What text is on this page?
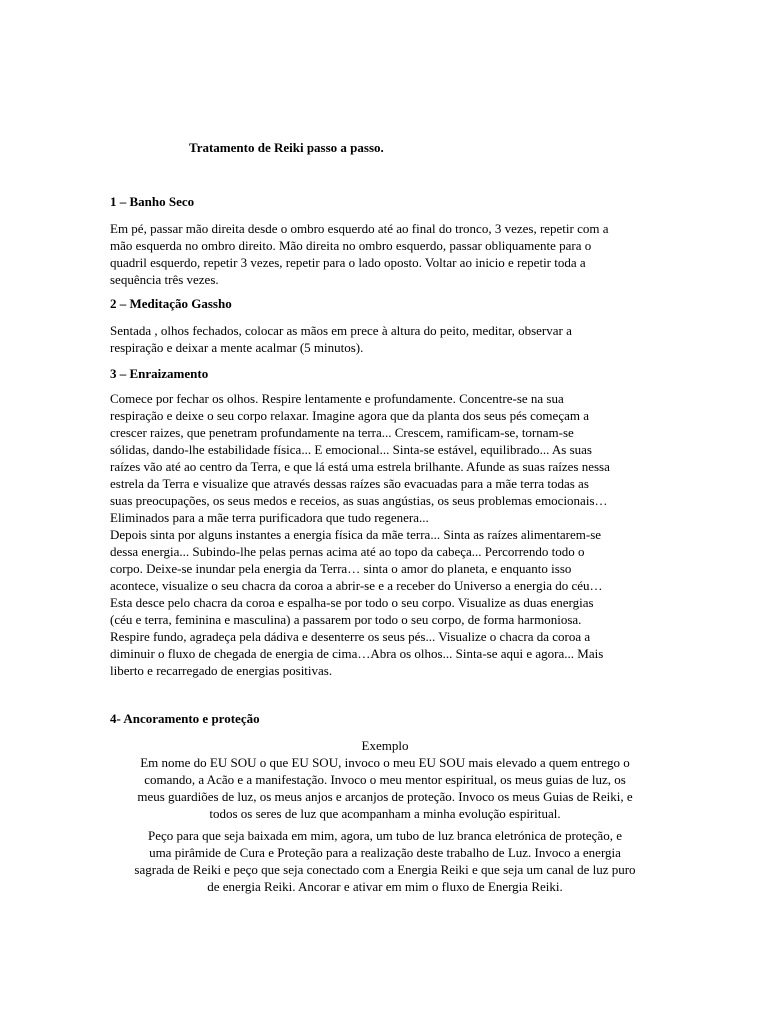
Tratamento de Reiki passo a passo.
1 – Banho Seco
Em pé, passar mão direita desde o ombro esquerdo até ao final do tronco, 3 vezes, repetir com a
mão esquerda no ombro direito. Mão direita no ombro esquerdo, passar obliquamente para o
quadril esquerdo, repetir 3 vezes, repetir para o lado oposto. Voltar ao inicio e repetir toda a
sequência três vezes.
2 – Meditação Gassho
Sentada , olhos fechados, colocar as mãos em prece à altura do peito, meditar, observar a
respiração e deixar a mente acalmar (5 minutos).
3 – Enraizamento
Comece por fechar os olhos. Respire lentamente e profundamente. Concentre-se na sua
respiração e deixe o seu corpo relaxar. Imagine agora que da planta dos seus pés começam a
crescer raizes, que penetram profundamente na terra... Crescem, ramificam-se, tornam-se
sólidas, dando-lhe estabilidade física... E emocional... Sinta-se estável, equilibrado... As suas
raízes vão até ao centro da Terra, e que lá está uma estrela brilhante. Afunde as suas raízes nessa
estrela da Terra e visualize que através dessas raízes são evacuadas para a mãe terra todas as
suas preocupações, os seus medos e receios, as suas angústias, os seus problemas emocionais…
Eliminados para a mãe terra purificadora que tudo regenera...
Depois sinta por alguns instantes a energia física da mãe terra... Sinta as raízes alimentarem-se
dessa energia... Subindo-lhe pelas pernas acima até ao topo da cabeça... Percorrendo todo o
corpo. Deixe-se inundar pela energia da Terra… sinta o amor do planeta, e enquanto isso
acontece, visualize o seu chacra da coroa a abrir-se e a receber do Universo a energia do céu…
Esta desce pelo chacra da coroa e espalha-se por todo o seu corpo. Visualize as duas energias
(céu e terra, feminina e masculina) a passarem por todo o seu corpo, de forma harmoniosa.
Respire fundo, agradeça pela dádiva e desenterre os seus pés... Visualize o chacra da coroa a
diminuir o fluxo de chegada de energia de cima…Abra os olhos... Sinta-se aqui e agora... Mais
liberto e recarregado de energias positivas.
4- Ancoramento e proteção
Exemplo
Em nome do EU SOU o que EU SOU, invoco o meu EU SOU mais elevado a quem entrego o
comando, a Acão e a manifestação. Invoco o meu mentor espiritual, os meus guias de luz, os
meus guardiões de luz, os meus anjos e arcanjos de proteção. Invoco os meus Guias de Reiki, e
todos os seres de luz que acompanham a minha evolução espiritual.
Peço para que seja baixada em mim, agora, um tubo de luz branca eletrónica de proteção, e
uma pirâmide de Cura e Proteção para a realização deste trabalho de Luz. Invoco a energia
sagrada de Reiki e peço que seja conectado com a Energia Reiki e que seja um canal de luz puro
de energia Reiki. Ancorar e ativar em mim o fluxo de Energia Reiki.
